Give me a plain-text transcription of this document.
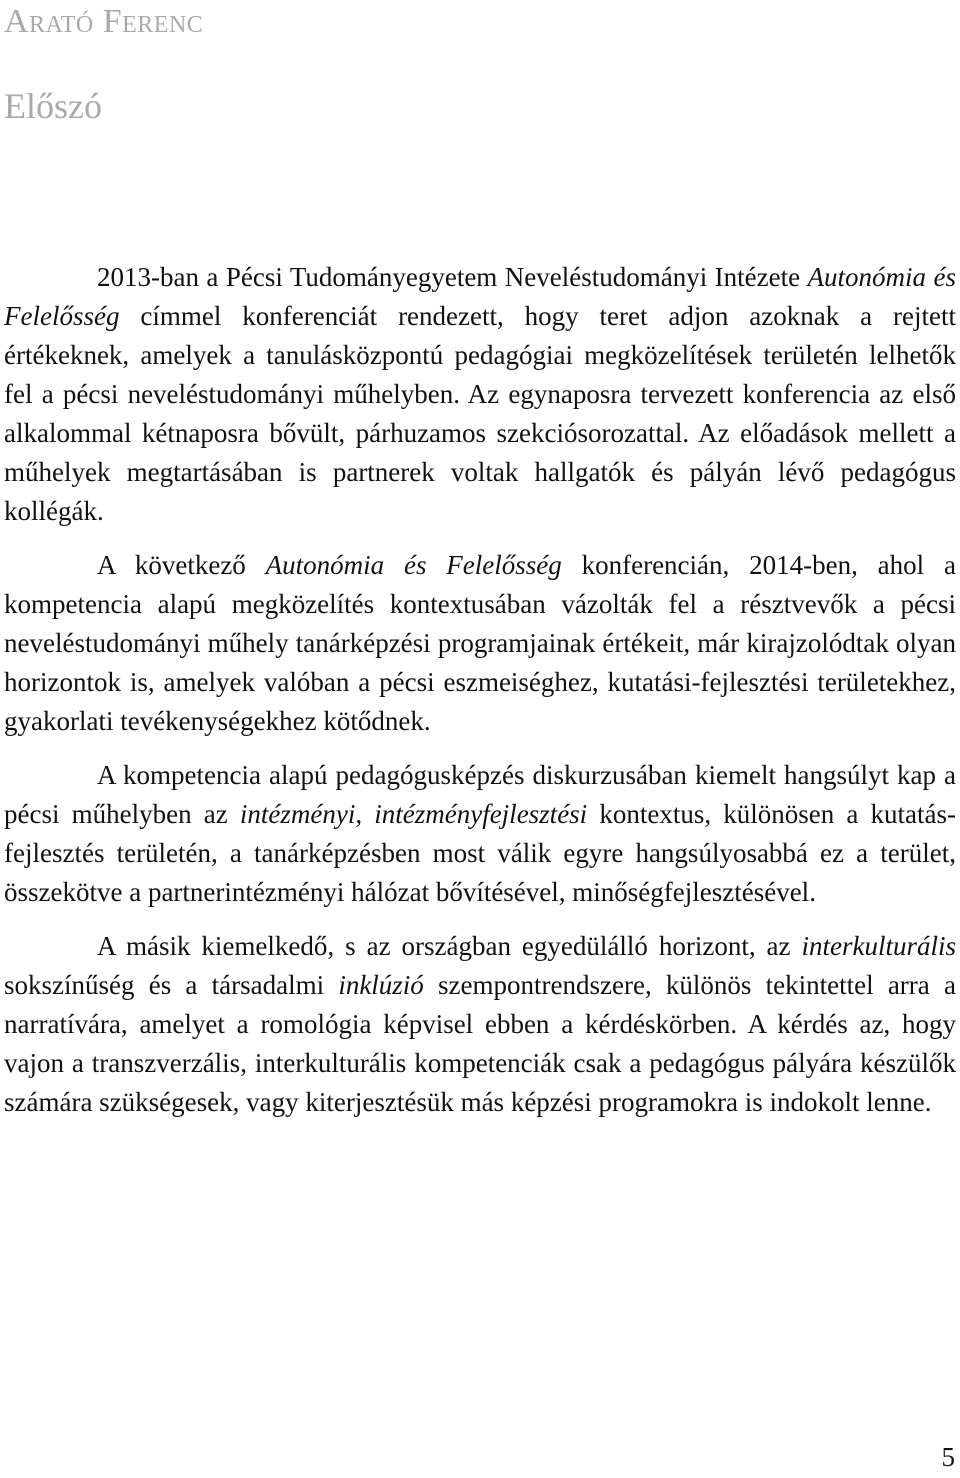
Arató Ferenc
Előszó

2013-ban a Pécsi Tudományegyetem Neveléstudományi Intézete Autonómia és Felelősség címmel konferenciát rendezett, hogy teret adjon azoknak a rejtett értékeknek, amelyek a tanulásközpontú pedagógiai megközelítések területén lelhetők fel a pécsi neveléstudományi műhelyben. Az egynaposra tervezett konferencia az első alkalommal kétnaposra bővült, párhuzamos szekciósorozattal. Az előadások mellett a műhelyek megtartásában is partnerek voltak hallgatók és pályán lévő pedagógus kollégák.

A következő Autonómia és Felelősség konferencián, 2014-ben, ahol a kompetencia alapú megközelítés kontextusában vázolták fel a résztvevők a pécsi neveléstudományi műhely tanárképzési programjainak értékeit, már kirajzolódtak olyan horizontok is, amelyek valóban a pécsi eszmeiséghez, kutatási-fejlesztési területekhez, gyakorlati tevékenységekhez kötődnek.

A kompetencia alapú pedagógusképzés diskurzusában kiemelt hangsúlyt kap a pécsi műhelyben az intézményi, intézményfejlesztési kontextus, különösen a kutatás-fejlesztés területén, a tanárképzésben most válik egyre hangsúlyosabbá ez a terület, összekötve a partnerintézményi hálózat bővítésével, minőségfejlesztésével.

A másik kiemelkedő, s az országban egyedülálló horizont, az interkulturális sokszínűség és a társadalmi inklúzió szempontrendszere, különös tekintettel arra a narratívára, amelyet a romológia képvisel ebben a kérdéskörben. A kérdés az, hogy vajon a transzverzális, interkulturális kompetenciák csak a pedagógus pályára készülők számára szükségesek, vagy kiterjesztésük más képzési programokra is indokolt lenne.

5
